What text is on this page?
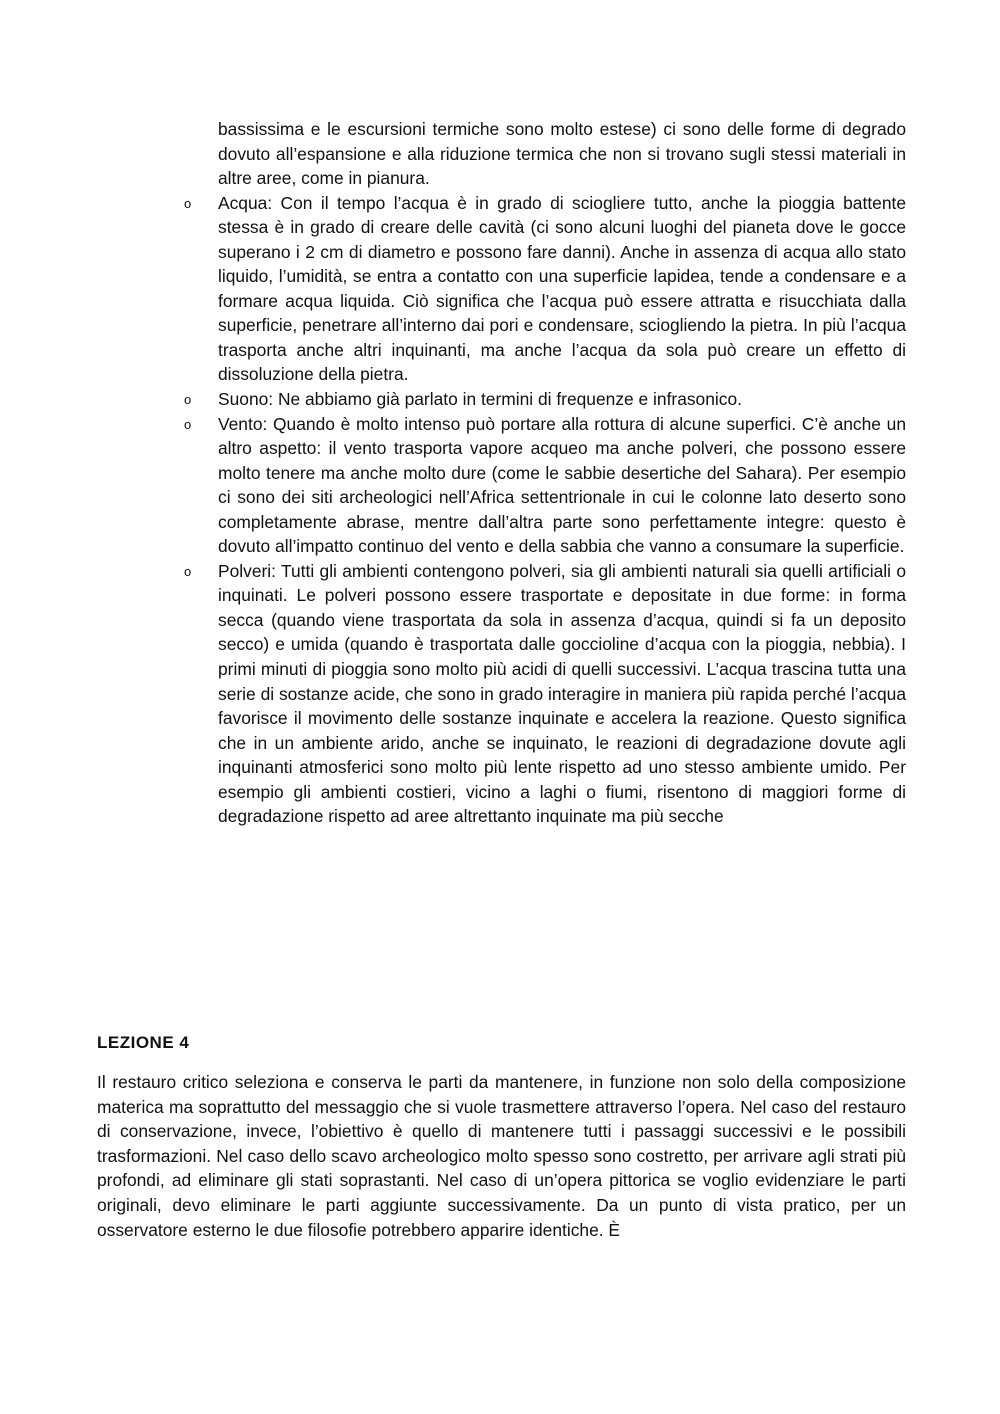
bassissima e le escursioni termiche sono molto estese) ci sono delle forme di degrado dovuto all’espansione e alla riduzione termica che non si trovano sugli stessi materiali in altre aree, come in pianura.
o Acqua: Con il tempo l’acqua è in grado di sciogliere tutto, anche la pioggia battente stessa è in grado di creare delle cavità (ci sono alcuni luoghi del pianeta dove le gocce superano i 2 cm di diametro e possono fare danni). Anche in assenza di acqua allo stato liquido, l’umidità, se entra a contatto con una superficie lapidea, tende a condensare e a formare acqua liquida. Ciò significa che l’acqua può essere attratta e risucchiata dalla superficie, penetrare all’interno dai pori e condensare, sciogliendo la pietra. In più l’acqua trasporta anche altri inquinanti, ma anche l’acqua da sola può creare un effetto di dissoluzione della pietra.
o Suono: Ne abbiamo già parlato in termini di frequenze e infrasonico.
o Vento: Quando è molto intenso può portare alla rottura di alcune superfici. C’è anche un altro aspetto: il vento trasporta vapore acqueo ma anche polveri, che possono essere molto tenere ma anche molto dure (come le sabbie desertiche del Sahara). Per esempio ci sono dei siti archeologici nell’Africa settentrionale in cui le colonne lato deserto sono completamente abrase, mentre dall’altra parte sono perfettamente integre: questo è dovuto all’impatto continuo del vento e della sabbia che vanno a consumare la superficie.
o Polveri: Tutti gli ambienti contengono polveri, sia gli ambienti naturali sia quelli artificiali o inquinati. Le polveri possono essere trasportate e depositate in due forme: in forma secca (quando viene trasportata da sola in assenza d’acqua, quindi si fa un deposito secco) e umida (quando è trasportata dalle goccioline d’acqua con la pioggia, nebbia). I primi minuti di pioggia sono molto più acidi di quelli successivi. L’acqua trascina tutta una serie di sostanze acide, che sono in grado interagire in maniera più rapida perché l’acqua favorisce il movimento delle sostanze inquinate e accelera la reazione. Questo significa che in un ambiente arido, anche se inquinato, le reazioni di degradazione dovute agli inquinanti atmosferici sono molto più lente rispetto ad uno stesso ambiente umido. Per esempio gli ambienti costieri, vicino a laghi o fiumi, risentono di maggiori forme di degradazione rispetto ad aree altrettanto inquinate ma più secche
LEZIONE 4

Il restauro critico seleziona e conserva le parti da mantenere, in funzione non solo della composizione materica ma soprattutto del messaggio che si vuole trasmettere attraverso l’opera. Nel caso del restauro di conservazione, invece, l’obiettivo è quello di mantenere tutti i passaggi successivi e le possibili trasformazioni. Nel caso dello scavo archeologico molto spesso sono costretto, per arrivare agli strati più profondi, ad eliminare gli stati soprastanti. Nel caso di un’opera pittorica se voglio evidenziare le parti originali, devo eliminare le parti aggiunte successivamente. Da un punto di vista pratico, per un osservatore esterno le due filosofie potrebbero apparire identiche. È
